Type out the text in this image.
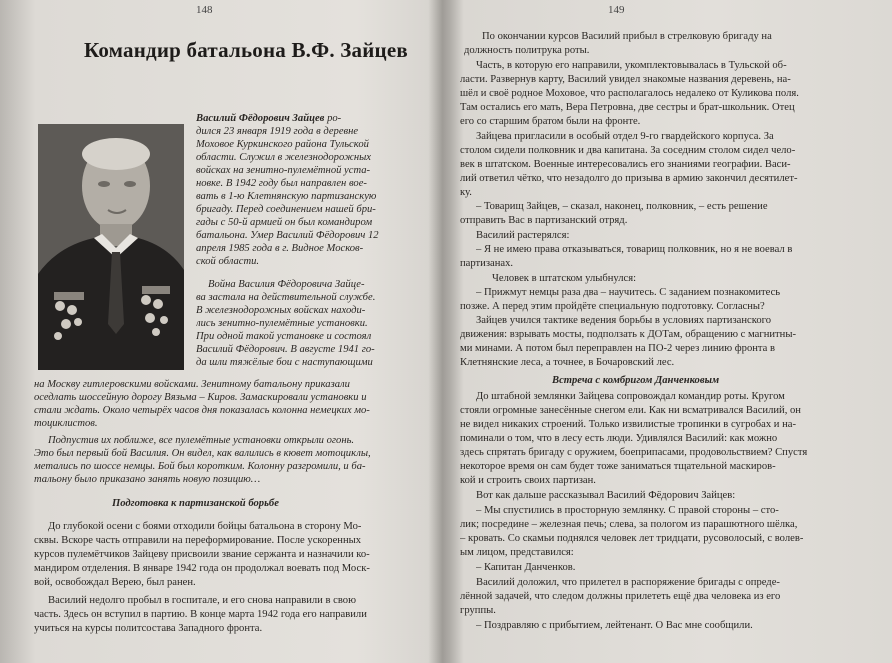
148
Командир батальона В.Ф. Зайцев
Василий Фёдорович Зайцев ро-
дился 23 января 1919 года в деревне
Моховое Куркинского района Тульской
области. Служил в железнодорожных
войсках на зенитно-пулемётной уста-
новке. В 1942 году был направлен вое-
вать в 1-ю Клетнянскую партизанскую
бригаду. Перед соединением нашей бри-
гады с 50-й армией он был командиром
батальона. Умер Василий Фёдорович 12
апреля 1985 года в г. Видное Москов-
ской области.
Война Василия Фёдоровича Зайце-
ва застала на действительной службе.
В железнодорожных войсках находи-
лись зенитно-пулемётные установки.
При одной такой установке и состоял
Василий Фёдорович. В августе 1941 го-
да шли тяжёлые бои с наступающими
на Москву гитлеровскими войсками. Зенитному батальону приказали
оседлать шоссейную дорогу Вязьма – Киров. Замаскировали установки и
стали ждать. Около четырёх часов дня показалась колонна немецких мо-
тоциклистов.
Подпустив их поближе, все пулемётные установки открыли огонь.
Это был первый бой Василия. Он видел, как валились в кювет мотоциклы,
метались по шоссе немцы. Бой был коротким. Колонну разгромили, и ба-
тальону было приказано занять новую позицию…
Подготовка к партизанской борьбе
До глубокой осени с боями отходили бойцы батальона в сторону Мо-
сквы. Вскоре часть отправили на переформирование. После ускоренных
курсов пулемётчиков Зайцеву присвоили звание сержанта и назначили ко-
мандиром отделения. В январе 1942 года он продолжал воевать под Моск-
вой, освобождал Верею, был ранен.
Василий недолго пробыл в госпитале, и его снова направили в свою
часть. Здесь он вступил в партию. В конце марта 1942 года его направили
учиться на курсы политсостава Западного фронта.
149
По окончании курсов Василий прибыл в стрелковую бригаду на
должность политрука роты.
Часть, в которую его направили, укомплектовывалась в Тульской об-
ласти. Развернув карту, Василий увидел знакомые названия деревень, на-
шёл и своё родное Моховое, что располагалось недалеко от Куликова поля.
Там остались его мать, Вера Петровна, две сестры и брат-школьник. Отец
его со старшим братом были на фронте.
Зайцева пригласили в особый отдел 9-го гвардейского корпуса. За
столом сидели полковник и два капитана. За соседним столом сидел чело-
век в штатском. Военные интересовались его знаниями географии. Васи-
лий ответил чётко, что незадолго до призыва в армию закончил десятилет-
ку.
– Товарищ Зайцев, – сказал, наконец, полковник, – есть решение
отправить Вас в партизанский отряд.
Василий растерялся:
– Я не имею права отказываться, товарищ полковник, но я не воевал в
партизанах.
Человек в штатском улыбнулся:
– Прижмут немцы раза два – научитесь. С заданием познакомитесь
позже. А перед этим пройдёте специальную подготовку. Согласны?
Зайцев учился тактике ведения борьбы в условиях партизанского
движения: взрывать мосты, подползать к ДОТам, обращению с магнитны-
ми минами. А потом был переправлен на ПО-2 через линию фронта в
Клетнянские леса, а точнее, в Бочаровский лес.
Встреча с комбригом Данченковым
До штабной землянки Зайцева сопровождал командир роты. Кругом
стояли огромные занесённые снегом ели. Как ни всматривался Василий, он
не видел никаких строений. Только извилистые тропинки в сугробах и на-
поминали о том, что в лесу есть люди. Удивлялся Василий: как можно
здесь спрятать бригаду с оружием, боеприпасами, продовольствием? Спустя
некоторое время он сам будет тоже заниматься тщательной маскиров-
кой и строить своих партизан.
Вот как дальше рассказывал Василий Фёдорович Зайцев:
– Мы спустились в просторную землянку. С правой стороны – сто-
лик; посредине – железная печь; слева, за пологом из парашютного шёлка,
– кровать. Со скамьи поднялся человек лет тридцати, русоволосый, с волев-
ым лицом, представился:
– Капитан Данченков.
Василий доложил, что прилетел в распоряжение бригады с опреде-
лённой задачей, что следом должны прилететь ещё два человека из его
группы.
– Поздравляю с прибытием, лейтенант. О Вас мне сообщили.
